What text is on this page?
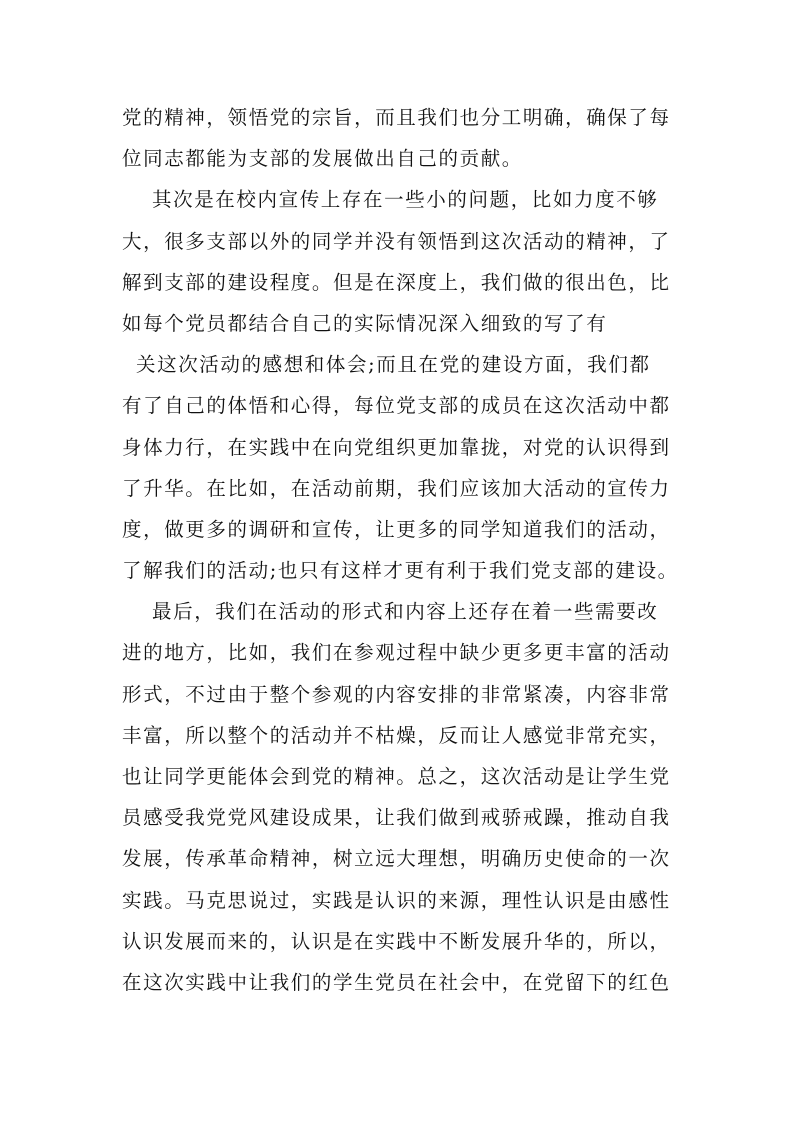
党的精神，领悟党的宗旨，而且我们也分工明确，确保了每
位同志都能为支部的发展做出自己的贡献。
其次是在校内宣传上存在一些小的问题，比如力度不够
大，很多支部以外的同学并没有领悟到这次活动的精神，了
解到支部的建设程度。但是在深度上，我们做的很出色，比
如每个党员都结合自己的实际情况深入细致的写了有
关这次活动的感想和体会;而且在党的建设方面，我们都
有了自己的体悟和心得，每位党支部的成员在这次活动中都
身体力行，在实践中在向党组织更加靠拢，对党的认识得到
了升华。在比如，在活动前期，我们应该加大活动的宣传力
度，做更多的调研和宣传，让更多的同学知道我们的活动，
了解我们的活动;也只有这样才更有利于我们党支部的建设。
最后，我们在活动的形式和内容上还存在着一些需要改
进的地方，比如，我们在参观过程中缺少更多更丰富的活动
形式，不过由于整个参观的内容安排的非常紧凑，内容非常
丰富，所以整个的活动并不枯燥，反而让人感觉非常充实，
也让同学更能体会到党的精神。总之，这次活动是让学生党
员感受我党党风建设成果，让我们做到戒骄戒躁，推动自我
发展，传承革命精神，树立远大理想，明确历史使命的一次
实践。马克思说过，实践是认识的来源，理性认识是由感性
认识发展而来的，认识是在实践中不断发展升华的，所以，
在这次实践中让我们的学生党员在社会中，在党留下的红色
